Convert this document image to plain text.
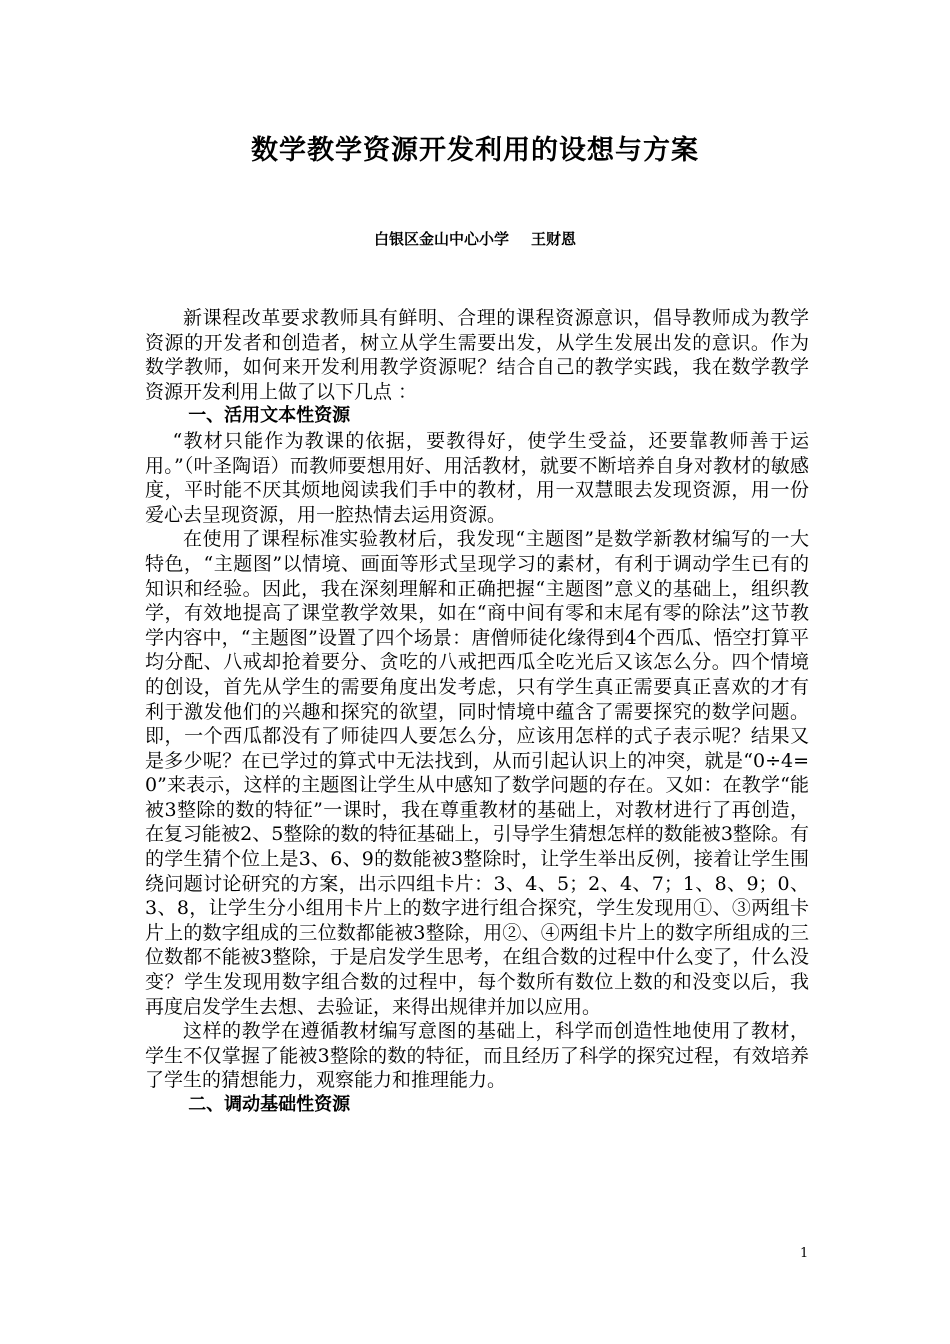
数学教学资源开发利用的设想与方案
白银区金山中心小学 王财恩

新课程改革要求教师具有鲜明、合理的课程资源意识，倡导教师成为教学资源的开发者和创造者，树立从学生需要出发，从学生发展出发的意识。作为数学教师，如何来开发利用教学资源呢？结合自己的教学实践，我在数学教学资源开发利用上做了以下几点 ：

一、活用文本性资源

“教材只能作为教课的依据，要教得好，使学生受益，还要靠教师善于运用。”（叶圣陶语）而教师要想用好、用活教材，就要不断培养自身对教材的敏感度，平时能不厌其烦地阅读我们手中的教材，用一双慧眼去发现资源，用一份爱心去呈现资源，用一腔热情去运用资源。

在使用了课程标准实验教材后，我发现“主题图”是数学新教材编写的一大特色，“主题图”以情境、画面等形式呈现学习的素材，有利于调动学生已有的知识和经验。因此，我在深刻理解和正确把握“主题图”意义的基础上，组织教学，有效地提高了课堂教学效果，如在“商中间有零和末尾有零的除法”这节教学内容中，“主题图”设置了四个场景：唐僧师徒化缘得到4个西瓜、悟空打算平均分配、八戒却抢着要分、贪吃的八戒把西瓜全吃光后又该怎么分。四个情境的创设，首先从学生的需要角度出发考虑，只有学生真正需要真正喜欢的才有利于激发他们的兴趣和探究的欲望，同时情境中蕴含了需要探究的数学问题。即，一个西瓜都没有了师徒四人要怎么分，应该用怎样的式子表示呢？结果又是多少呢？在已学过的算式中无法找到，从而引起认识上的冲突，就是“0÷4=0”来表示，这样的主题图让学生从中感知了数学问题的存在。又如：在教学“能被3整除的数的特征”一课时，我在尊重教材的基础上，对教材进行了再创造，在复习能被2、5整除的数的特征基础上，引导学生猜想怎样的数能被3整除。有的学生猜个位上是3、6、9的数能被3整除时，让学生举出反例，接着让学生围绕问题讨论研究的方案，出示四组卡片：3、4、5；2、4、7；1、8、9；0、3、8，让学生分小组用卡片上的数字进行组合探究，学生发现用①、③两组卡片上的数字组成的三位数都能被3整除，用②、④两组卡片上的数字所组成的三位数都不能被3整除，于是启发学生思考，在组合数的过程中什么变了，什么没变？学生发现用数字组合数的过程中，每个数所有数位上数的和没变以后，我再度启发学生去想、去验证，来得出规律并加以应用。

这样的教学在遵循教材编写意图的基础上，科学而创造性地使用了教材，学生不仅掌握了能被3整除的数的特征，而且经历了科学的探究过程，有效培养了学生的猜想能力，观察能力和推理能力。

二、调动基础性资源
1
